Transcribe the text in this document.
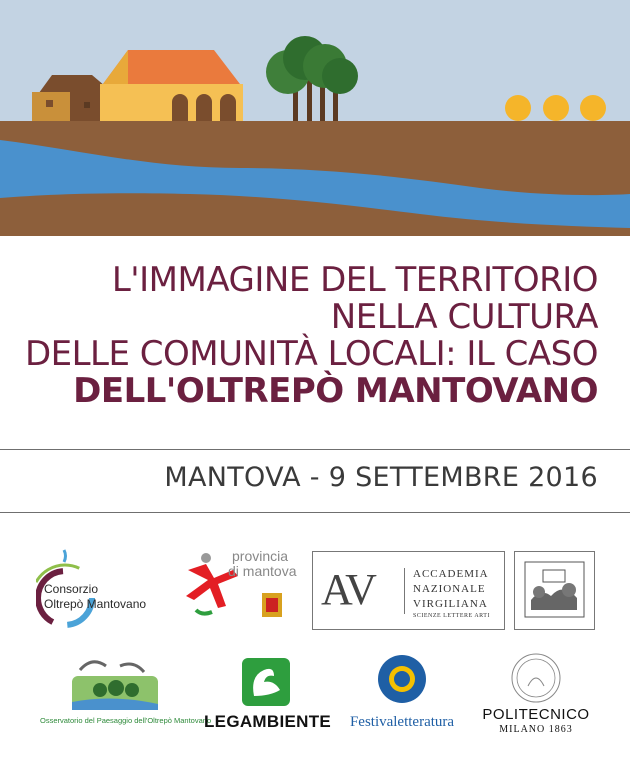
L'IMMAGINE DEL TERRITORIO
NELLA CULTURA
DELLE COMUNITÀ LOCALI: IL CASO
DELL'OLTREPÒ MANTOVANO
MANTOVA - 9 SETTEMBRE 2016
Consorzio
Oltrepò Mantovano
provincia
di mantova AV	ACCADEMIA
NAZIONALE
VIRGILIANA
SCIENZE LETTERE ARTI
Osservatorio del Paesaggio dell'Oltrepò Mantovano
LEGAMBIENTE	Festivaletteratura	POLITECNICO
MILANO 1863
